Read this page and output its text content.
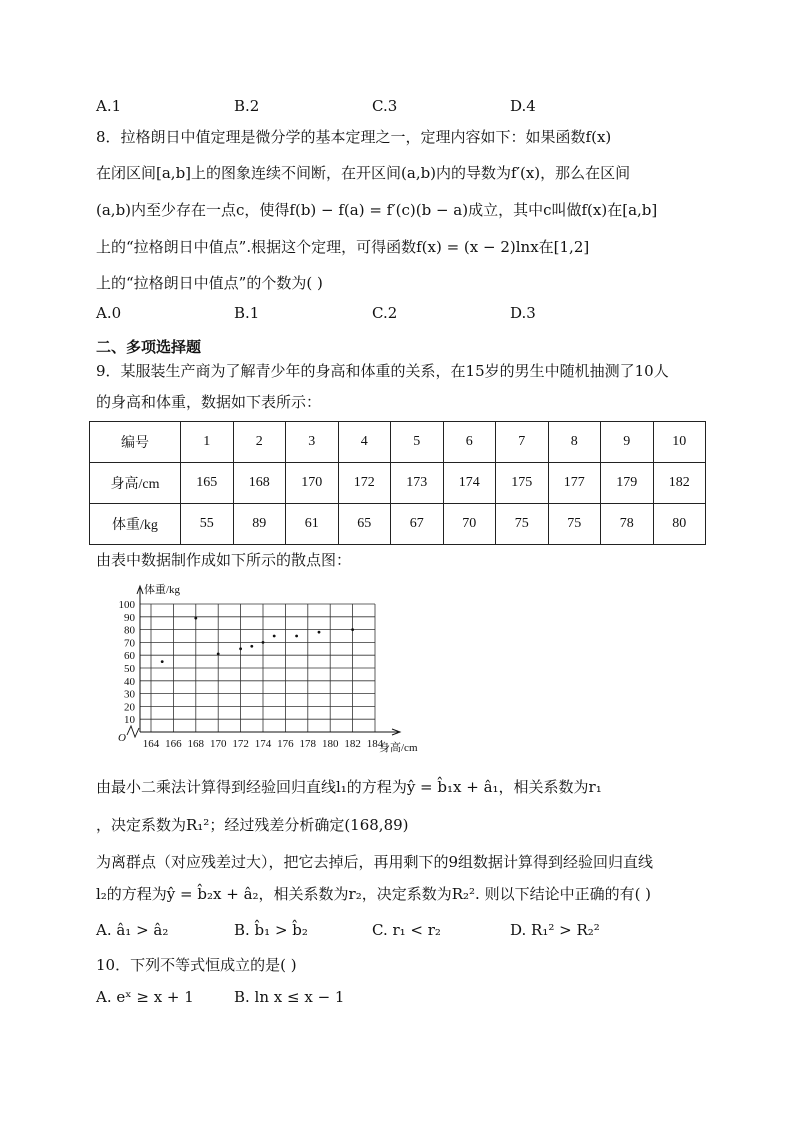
A.1	B.2	C.3	D.4
8．拉格朗日中值定理是微分学的基本定理之一，定理内容如下：如果函数f(x)
在闭区间[a,b]上的图象连续不间断，在开区间(a,b)内的导数为f′(x)，那么在区间
(a,b)内至少存在一点c，使得f(b) − f(a) = f′(c)(b − a)成立，其中c叫做f(x)在[a,b]
上的“拉格朗日中值点”.根据这个定理，可得函数f(x) = (x − 2)lnx在[1,2]
上的“拉格朗日中值点”的个数为( )
A.0	B.1	C.2	D.3
二、多项选择题
9．某服装生产商为了解青少年的身高和体重的关系，在15岁的男生中随机抽测了10人
的身高和体重，数据如下表所示：
编号	1	2	3	4	5	6	7	8	9	10
身高/cm	165	168	170	172	173	174	175	177	179	182
体重/kg	55	89	61	65	67	70	75	75	78	80
由表中数据制作成如下所示的散点图：
164 166 168 170 172 174 176 178 180 182 184
10
20
30
40
50
60
70
80
90
100
体重/kg
身高/cm
O
由最小二乘法计算得到经验回归直线l₁的方程为ŷ = b̂₁x + â₁，相关系数为r₁
，决定系数为R₁²；经过残差分析确定(168,89)
为离群点（对应残差过大），把它去掉后，再用剩下的9组数据计算得到经验回归直线
l₂的方程为ŷ = b̂₂x + â₂，相关系数为r₂，决定系数为R₂². 则以下结论中正确的有( )
A. â₁ > â₂	B. b̂₁ > b̂₂	C. r₁ < r₂	D. R₁² > R₂²
10．下列不等式恒成立的是( )
A. eˣ ≥ x + 1	B. ln x ≤ x − 1
